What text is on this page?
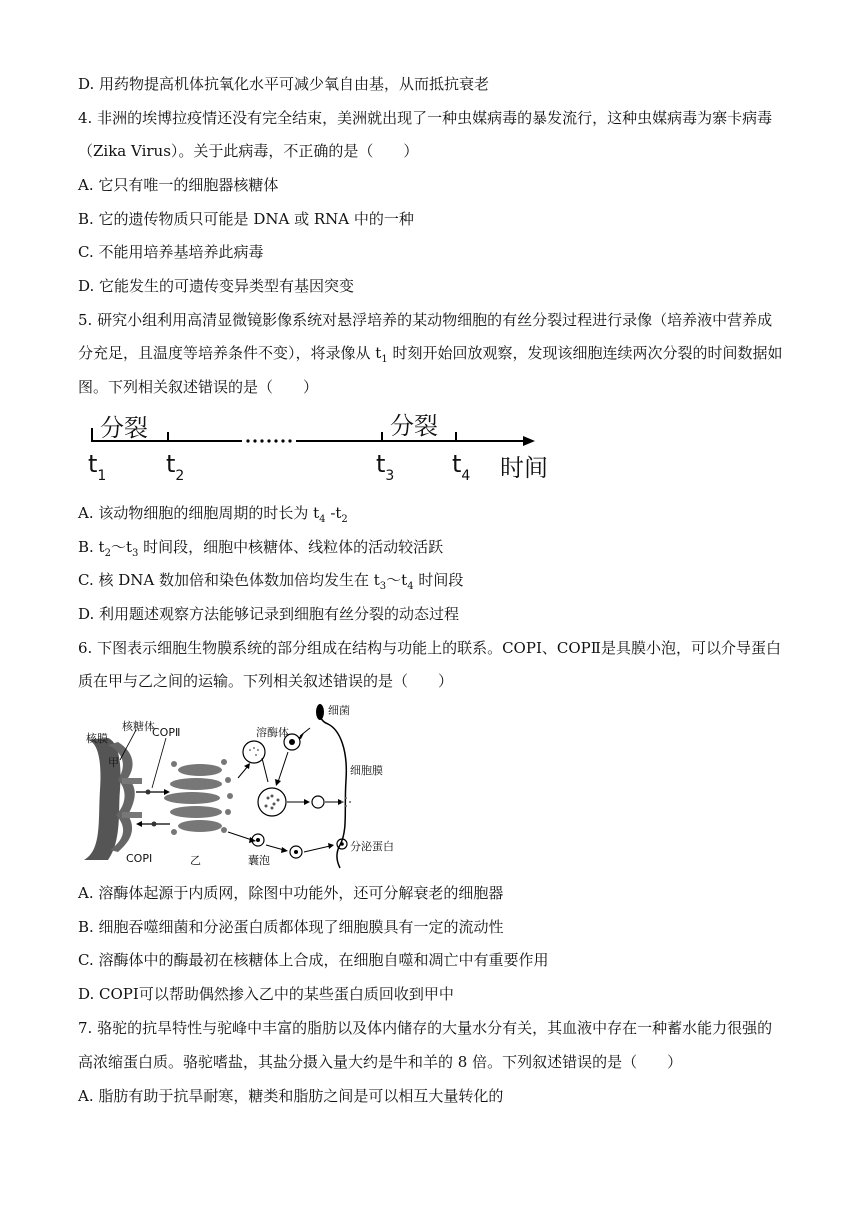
D. 用药物提高机体抗氧化水平可减少氧自由基，从而抵抗衰老
4. 非洲的埃博拉疫情还没有完全结束，美洲就出现了一种虫媒病毒的暴发流行，这种虫媒病毒为寨卡病毒
（Zika Virus）。关于此病毒，不正确的是（　　）
A. 它只有唯一的细胞器核糖体
B. 它的遗传物质只可能是 DNA 或 RNA 中的一种
C. 不能用培养基培养此病毒
D. 它能发生的可遗传变异类型有基因突变
5. 研究小组利用高清显微镜影像系统对悬浮培养的某动物细胞的有丝分裂过程进行录像（培养液中营养成
分充足，且温度等培养条件不变），将录像从 $t_1$ 时刻开始回放观察，发现该细胞连续两次分裂的时间数据如
图。下列相关叙述错误的是（　　）
分裂	分裂
$t_1$ $t_2$	$t_3$ $t_4$ 时间
A. 该动物细胞的细胞周期的时长为 $t_4$ $-t_2$
B. $t_2\sim t_3$ 时间段，细胞中核糖体、线粒体的活动较活跃
C. 核 DNA 数加倍和染色体数加倍均发生在 $t_3\sim t_4$ 时间段
D. 利用题述观察方法能够记录到细胞有丝分裂的动态过程
6. 下图表示细胞生物膜系统的部分组成在结构与功能上的联系。COPⅠ、COPⅡ是具膜小泡，可以介导蛋白
质在甲与乙之间的运输。下列相关叙述错误的是（　　）
核糖体
COPⅡ
核膜
甲
COPⅠ	乙
溶酶体
细菌
细胞膜
囊泡
分泌蛋白
A. 溶酶体起源于内质网，除图中功能外，还可分解衰老的细胞器
B. 细胞吞噬细菌和分泌蛋白质都体现了细胞膜具有一定的流动性
C. 溶酶体中的酶最初在核糖体上合成，在细胞自噬和凋亡中有重要作用
D. COPⅠ可以帮助偶然掺入乙中的某些蛋白质回收到甲中
7. 骆驼的抗旱特性与驼峰中丰富的脂肪以及体内储存的大量水分有关，其血液中存在一种蓄水能力很强的
高浓缩蛋白质。骆驼嗜盐，其盐分摄入量大约是牛和羊的 8 倍。下列叙述错误的是（　　）
A. 脂肪有助于抗旱耐寒，糖类和脂肪之间是可以相互大量转化的
